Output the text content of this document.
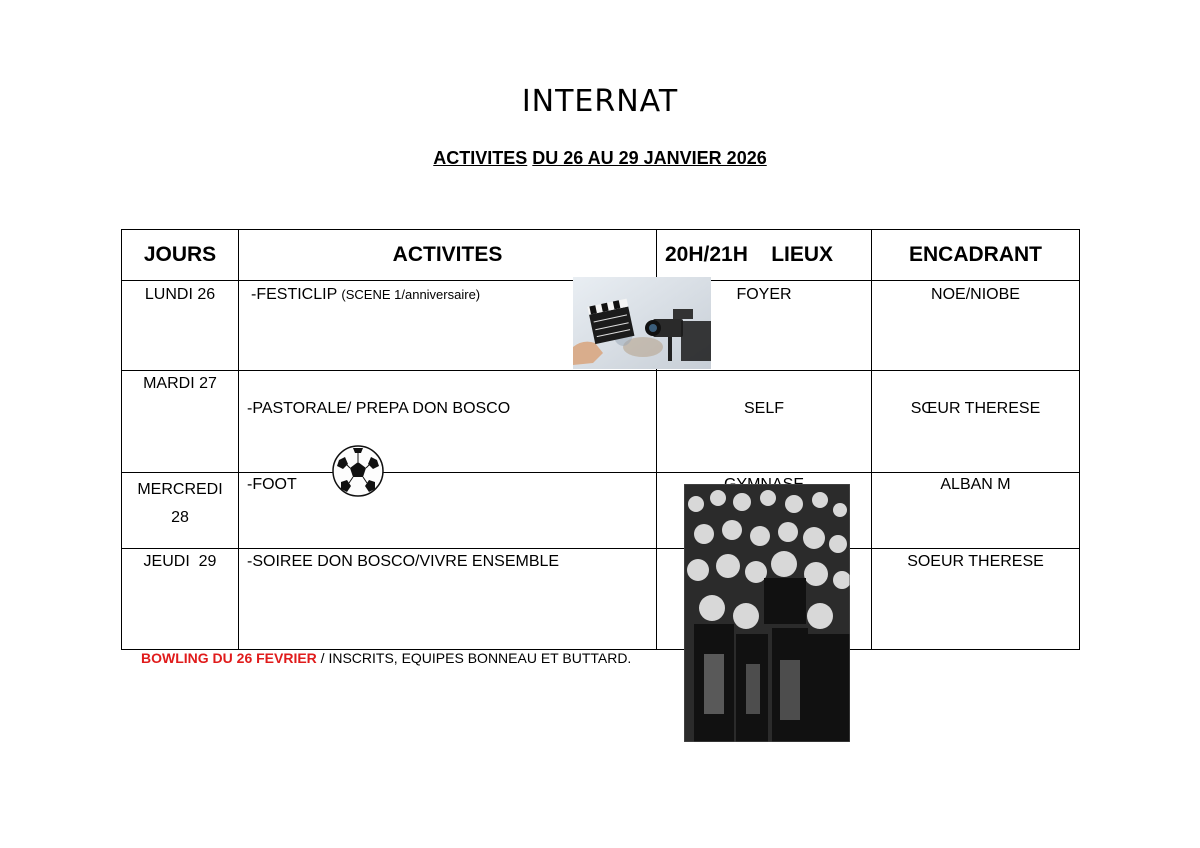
INTERNAT
ACTIVITES DU 26 AU 29 JANVIER 2026
JOURS	ACTIVITES	20H/21H    LIEUX	ENCADRANT
LUNDI 26	-FESTICLIP (SCENE 1/anniversaire)	FOYER	NOE/NIOBE
MARDI 27	-PASTORALE/ PREPA DON BOSCO	SELF	SŒUR THERESE
MERCREDI 28	-FOOT		ALBAN M
JEUDI  29	-SOIREE DON BOSCO/VIVRE ENSEMBLE		SOEUR THERESE
BOWLING DU 26 FEVRIER / INSCRITS, EQUIPES BONNEAU ET BUTTARD.
